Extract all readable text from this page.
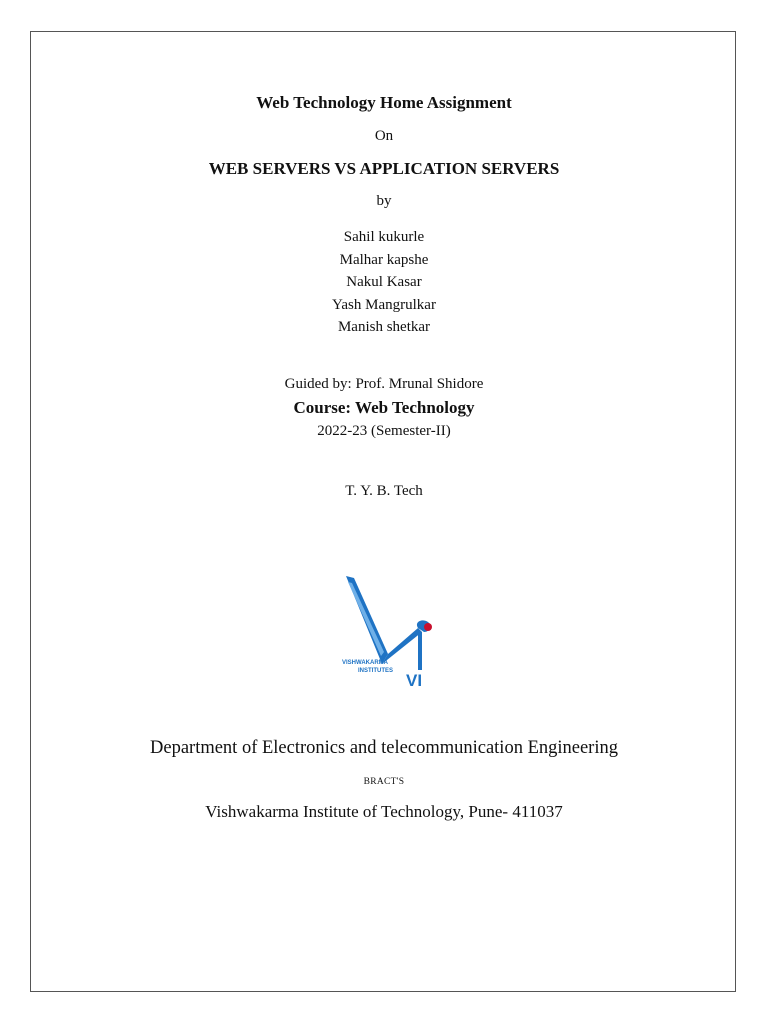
Web Technology Home Assignment
On
WEB SERVERS VS APPLICATION SERVERS
by
Sahil kukurle
Malhar kapshe
Nakul Kasar
Yash Mangrulkar
Manish shetkar
Guided by: Prof. Mrunal Shidore
Course: Web Technology
2022-23 (Semester-II)
T. Y. B. Tech
VISHWAKARMA
INSTITUTES VI
Department of Electronics and telecommunication Engineering
BRACT'S
Vishwakarma Institute of Technology, Pune- 411037
